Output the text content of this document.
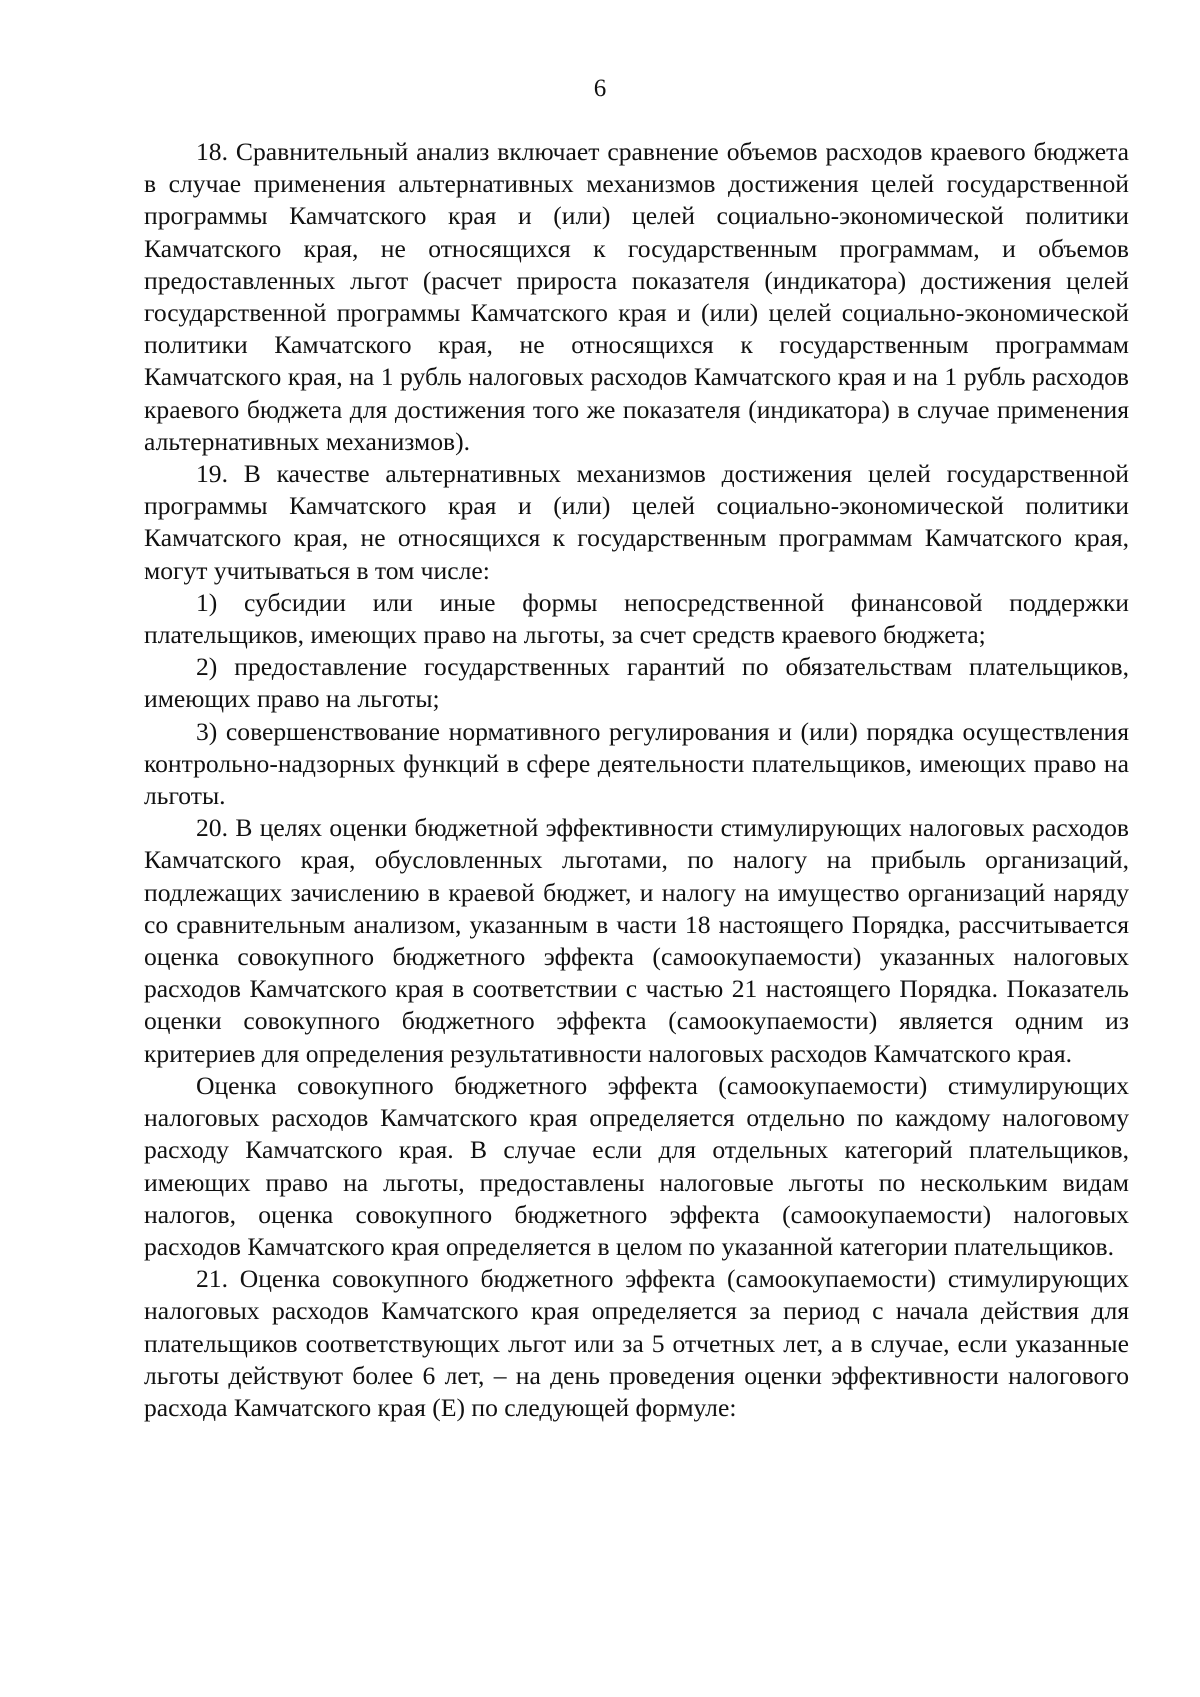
6

18. Сравнительный анализ включает сравнение объемов расходов краевого бюджета в случае применения альтернативных механизмов достижения целей государственной программы Камчатского края и (или) целей социально-экономической политики Камчатского края, не относящихся к государственным программам, и объемов предоставленных льгот (расчет прироста показателя (индикатора) достижения целей государственной программы Камчатского края и (или) целей социально-экономической политики Камчатского края, не относящихся к государственным программам Камчатского края, на 1 рубль налоговых расходов Камчатского края и на 1 рубль расходов краевого бюджета для достижения того же показателя (индикатора) в случае применения альтернативных механизмов).

19. В качестве альтернативных механизмов достижения целей государственной программы Камчатского края и (или) целей социально-экономической политики Камчатского края, не относящихся к государственным программам Камчатского края, могут учитываться в том числе:

1) субсидии или иные формы непосредственной финансовой поддержки плательщиков, имеющих право на льготы, за счет средств краевого бюджета;

2) предоставление государственных гарантий по обязательствам плательщиков, имеющих право на льготы;

3) совершенствование нормативного регулирования и (или) порядка осуществления контрольно-надзорных функций в сфере деятельности плательщиков, имеющих право на льготы.

20. В целях оценки бюджетной эффективности стимулирующих налоговых расходов Камчатского края, обусловленных льготами, по налогу на прибыль организаций, подлежащих зачислению в краевой бюджет, и налогу на имущество организаций наряду со сравнительным анализом, указанным в части 18 настоящего Порядка, рассчитывается оценка совокупного бюджетного эффекта (самоокупаемости) указанных налоговых расходов Камчатского края в соответствии с частью 21 настоящего Порядка. Показатель оценки совокупного бюджетного эффекта (самоокупаемости) является одним из критериев для определения результативности налоговых расходов Камчатского края.

Оценка совокупного бюджетного эффекта (самоокупаемости) стимулирующих налоговых расходов Камчатского края определяется отдельно по каждому налоговому расходу Камчатского края. В случае если для отдельных категорий плательщиков, имеющих право на льготы, предоставлены налоговые льготы по нескольким видам налогов, оценка совокупного бюджетного эффекта (самоокупаемости) налоговых расходов Камчатского края определяется в целом по указанной категории плательщиков.

21. Оценка совокупного бюджетного эффекта (самоокупаемости) стимулирующих налоговых расходов Камчатского края определяется за период с начала действия для плательщиков соответствующих льгот или за 5 отчетных лет, а в случае, если указанные льготы действуют более 6 лет, – на день проведения оценки эффективности налогового расхода Камчатского края (E) по следующей формуле:
